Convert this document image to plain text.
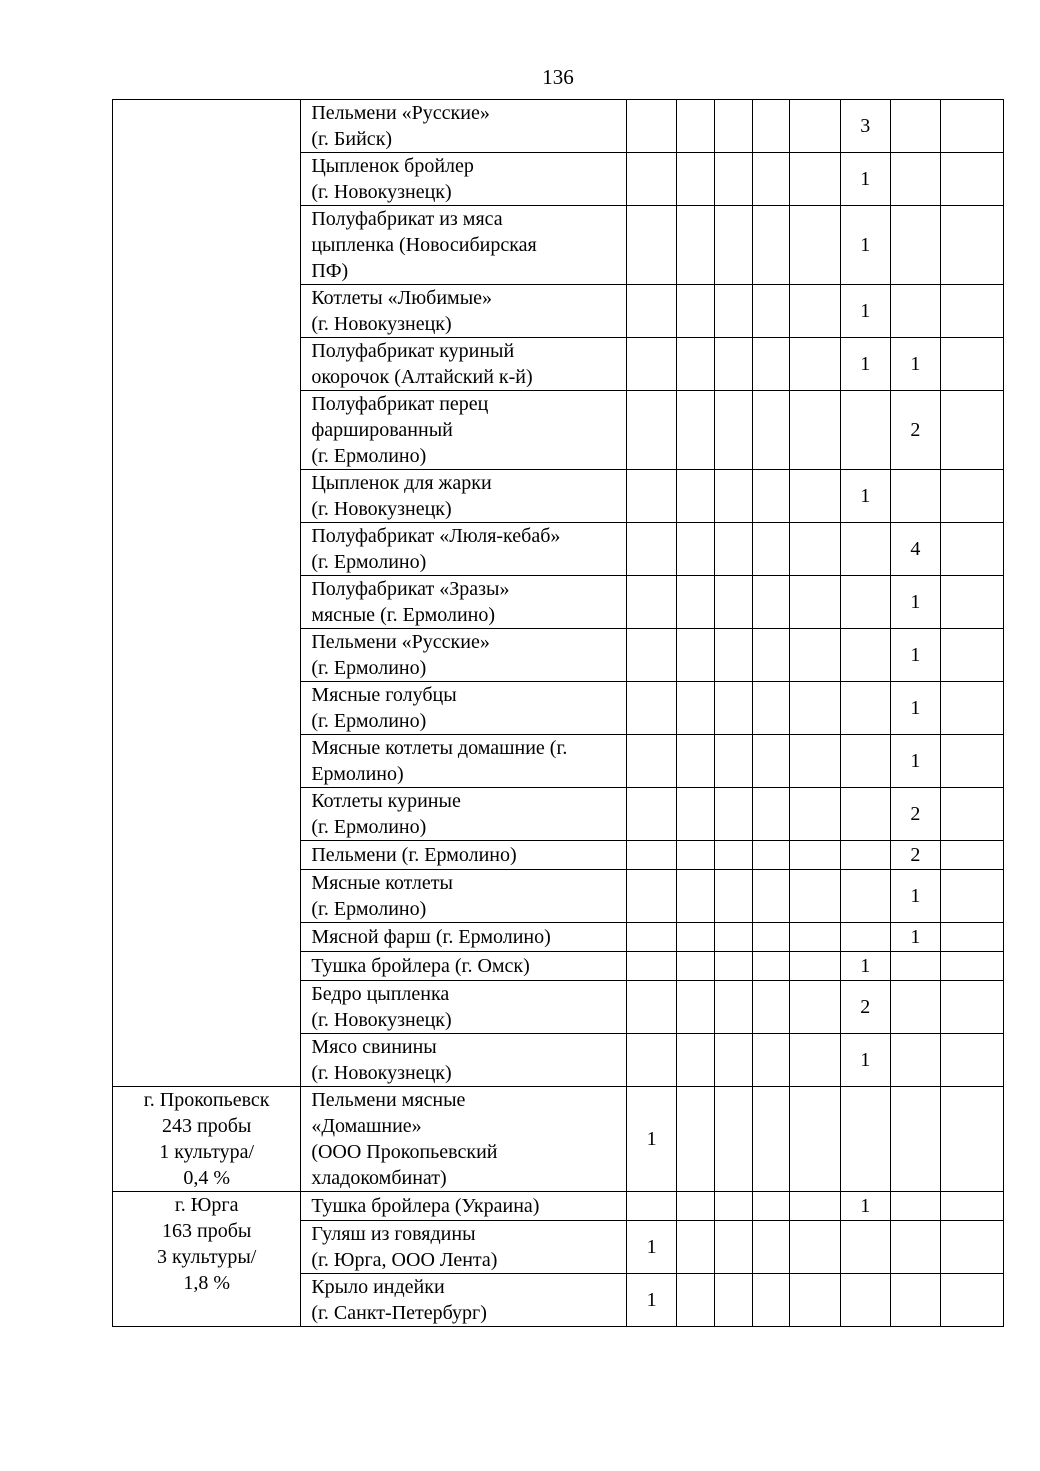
136
	Пельмени «Русские»
(г. Бийск)						3		
	Цыпленок бройлер
(г. Новокузнецк)						1		
	Полуфабрикат из мяса
цыпленка (Новосибирская
ПФ)						1		
	Котлеты «Любимые»
(г. Новокузнецк)						1		
	Полуфабрикат куриный
окорочок (Алтайский к-й)						1	1	
	Полуфабрикат перец
фаршированный
(г. Ермолино)							2	
	Цыпленок для жарки
(г. Новокузнецк)						1		
	Полуфабрикат «Люля-кебаб»
(г. Ермолино)							4	
	Полуфабрикат «Зразы»
мясные (г. Ермолино)							1	
	Пельмени «Русские»
(г. Ермолино)							1	
	Мясные голубцы
(г. Ермолино)							1	
	Мясные котлеты домашние (г.
Ермолино)							1	
	Котлеты куриные
(г. Ермолино)							2	
	Пельмени (г. Ермолино)							2	
	Мясные котлеты
(г. Ермолино)							1	
	Мясной фарш (г. Ермолино)							1	
	Тушка бройлера (г. Омск)						1		
	Бедро цыпленка
(г. Новокузнецк)						2		
	Мясо свинины
(г. Новокузнецк)						1		
г. Прокопьевск
243 пробы
1 культура/
0,4 %	Пельмени мясные
«Домашние»
(ООО Прокопьевский
хладокомбинат)	1							
г. Юрга
163 пробы
3 культуры/
1,8 %	Тушка бройлера (Украина)						1		
	Гуляш из говядины
(г. Юрга, ООО Лента)	1							
	Крыло индейки
(г. Санкт-Петербург)	1							
